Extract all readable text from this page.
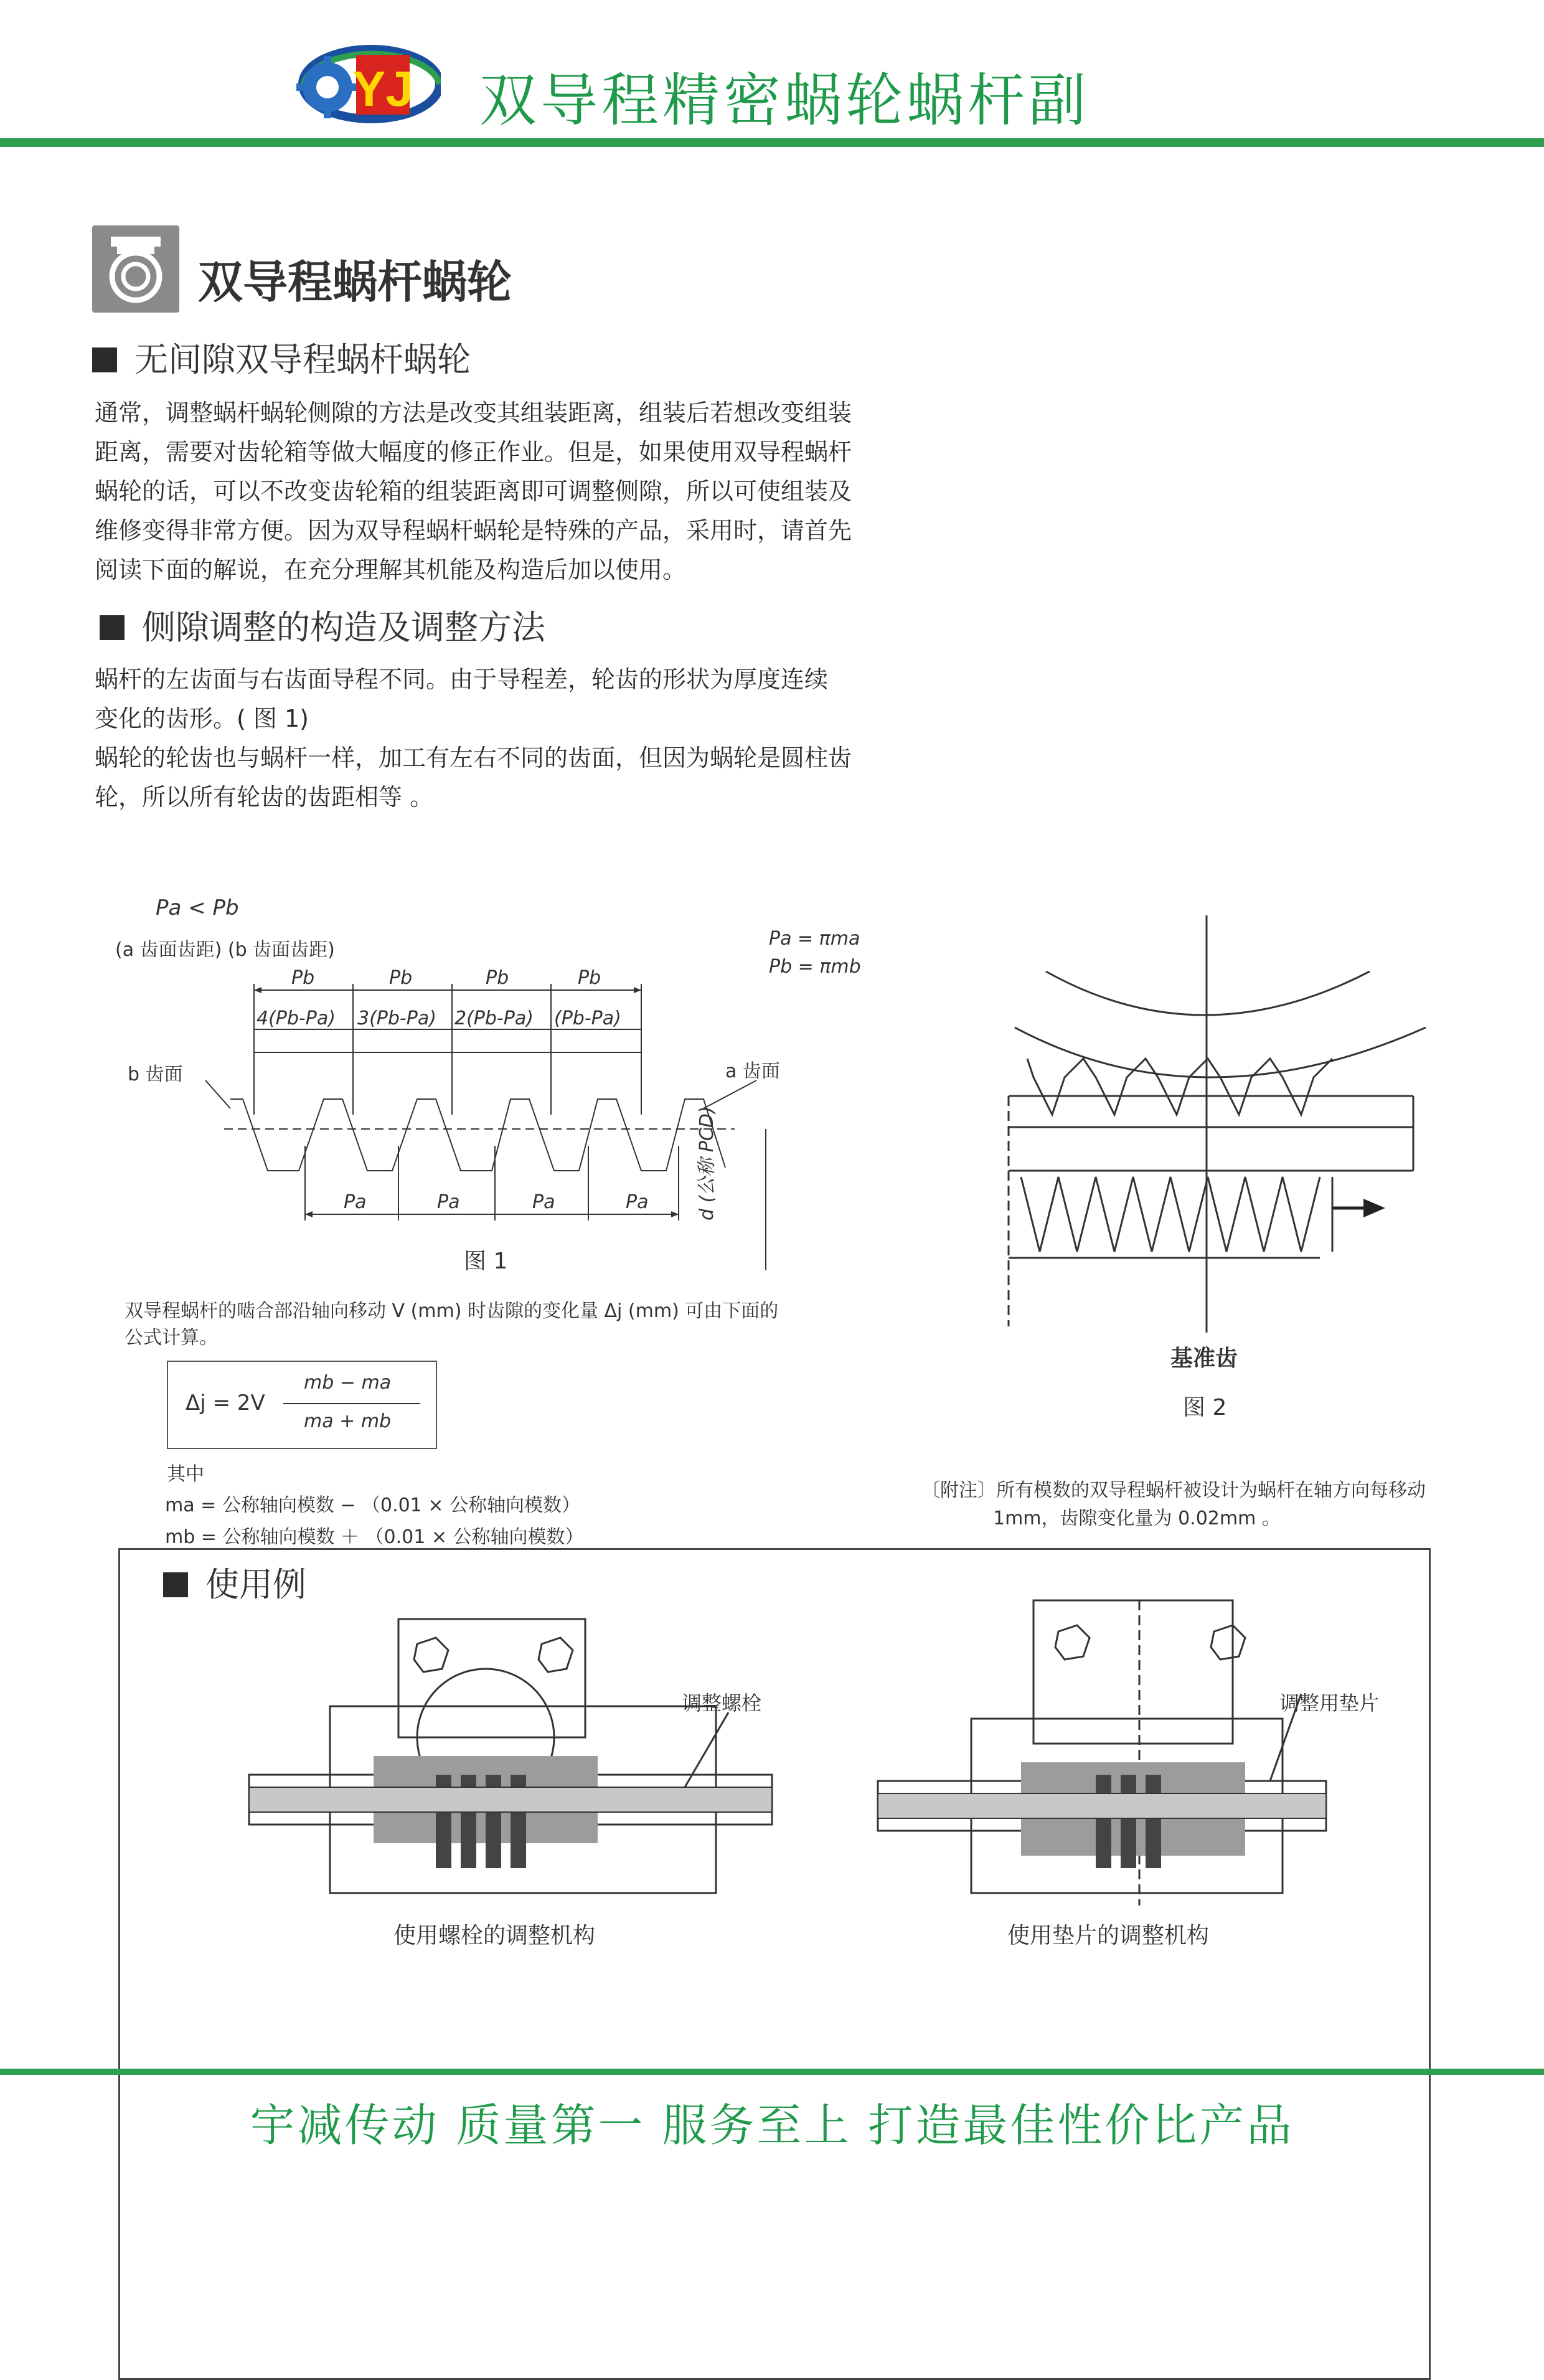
YJ 双导程精密蜗轮蜗杆副
双导程蜗杆蜗轮
无间隙双导程蜗杆蜗轮
通常，调整蜗杆蜗轮侧隙的方法是改变其组装距离，组装后若想改变组装
距离，需要对齿轮箱等做大幅度的修正作业。但是，如果使用双导程蜗杆
蜗轮的话，可以不改变齿轮箱的组装距离即可调整侧隙，所以可使组装及
维修变得非常方便。因为双导程蜗杆蜗轮是特殊的产品，采用时，请首先
阅读下面的解说，在充分理解其机能及构造后加以使用。
侧隙调整的构造及调整方法
蜗杆的左齿面与右齿面导程不同。由于导程差，轮齿的形状为厚度连续
变化的齿形。( 图 1)
蜗轮的轮齿也与蜗杆一样，加工有左右不同的齿面，但因为蜗轮是圆柱齿
轮，所以所有轮齿的齿距相等 。
Pa < Pb
(a 齿面齿距) (b 齿面齿距)
Pa = πma
Pb = πmb
Pb	Pb	Pb	Pb
4(Pb-Pa) 3(Pb-Pa) 2(Pb-Pa) (Pb-Pa)
b 齿面	a 齿面
Pa	Pa	Pa	Pa	d (公称 PCD)
图 1
双导程蜗杆的啮合部沿轴向移动 V (mm) 时齿隙的变化量 Δj (mm) 可由下面的
公式计算。
Δj = 2V
mb − ma
ma + mb
其中
ma = 公称轴向模数 − （0.01 × 公称轴向模数）
mb = 公称轴向模数 ＋ （0.01 × 公称轴向模数）
基准齿
图 2
〔附注〕所有模数的双导程蜗杆被设计为蜗杆在轴方向每移动
1mm，齿隙变化量为 0.02mm 。
使用例
调整螺栓
使用螺栓的调整机构
调整用垫片
使用垫片的调整机构
宇减传动 质量第一 服务至上 打造最佳性价比产品
